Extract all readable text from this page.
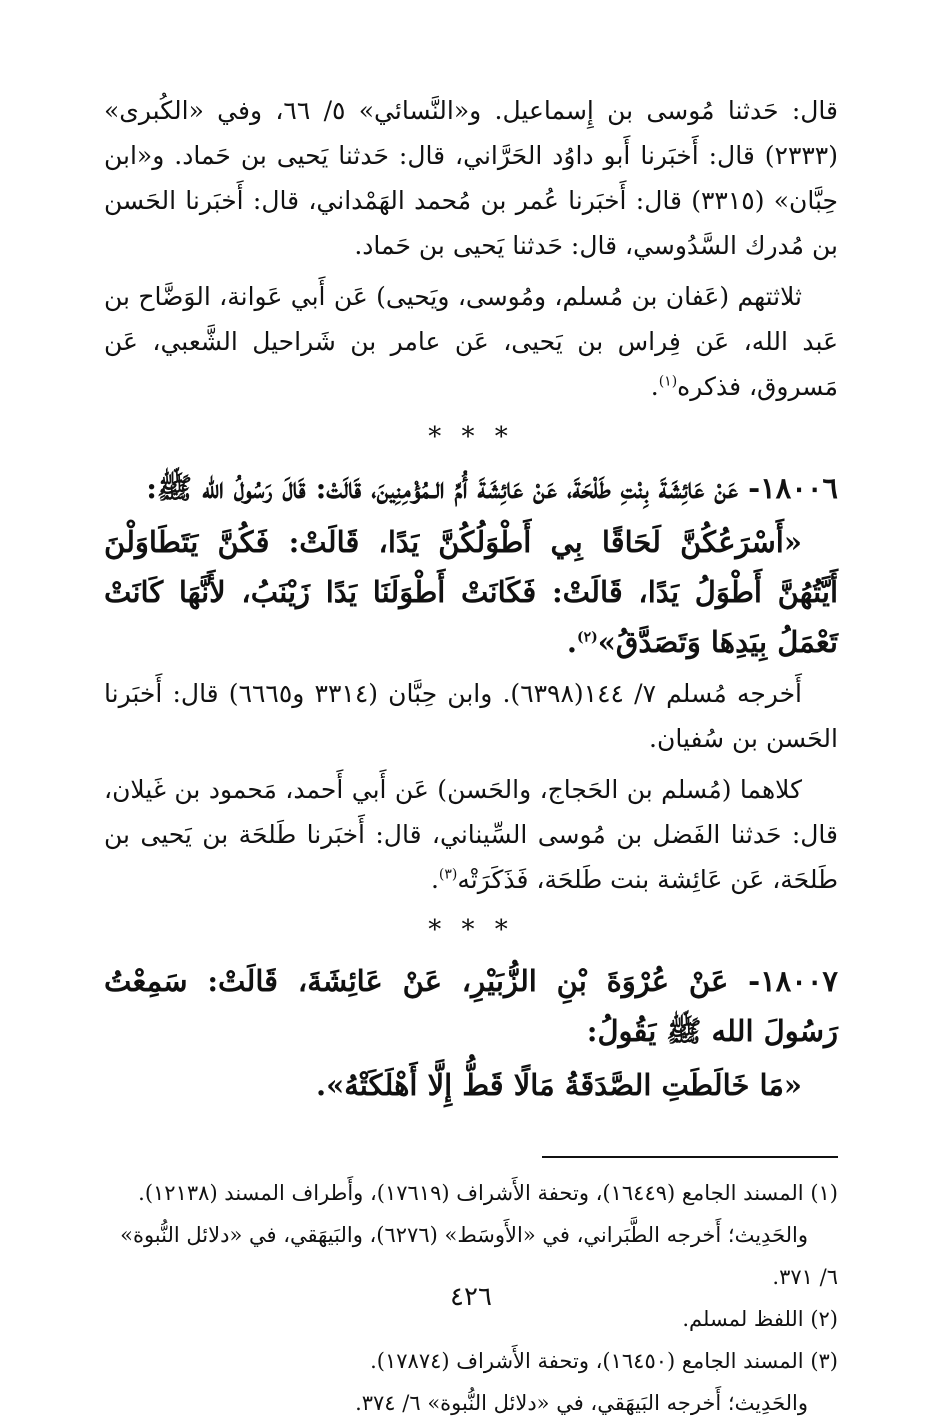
قال: حَدثنا مُوسى بن إِسماعيل. و«النَّسائي» ٥/ ٦٦، وفي «الكُبرى» (٢٣٣٣) قال: أَخبَرنا أَبو داوُد الحَرَّاني، قال: حَدثنا يَحيى بن حَماد. و«ابن حِبَّان» (٣٣١٥) قال: أَخبَرنا عُمر بن مُحمد الهَمْداني، قال: أَخبَرنا الحَسن بن مُدرك السَّدُوسي، قال: حَدثنا يَحيى بن حَماد.

ثلاثتهم (عَفان بن مُسلم، ومُوسى، ويَحيى) عَن أَبي عَوانة، الوَضَّاح بن عَبد الله، عَن فِراس بن يَحيى، عَن عامر بن شَراحيل الشَّعبي، عَن مَسروق، فذكره$^{(١)}$.

* * *

١٨٠٠٦- عَنْ عَائِشَةَ بِنْتِ طَلْحَةَ، عَنْ عَائِشَةَ أُمِّ الـمُؤْمِنِينَ، قَالَتْ: قَالَ رَسُولُ الله ﷺ:

«أَسْرَعُكُنَّ لَحَاقًا بِي أَطْوَلُكُنَّ يَدًا، قَالَتْ: فَكُنَّ يَتَطَاوَلْنَ أَيَّتُهُنَّ أَطْوَلُ يَدًا، قَالَتْ: فَكَانَتْ أَطْوَلَنَا يَدًا زَيْنَبُ، لأَنَّهَا كَانَتْ تَعْمَلُ بِيَدِهَا وَتَصَدَّقُ»$^{(٢)}$.

أَخرجه مُسلم ٧/ ١٤٤(٦٣٩٨). وابن حِبَّان (٣٣١٤ و٦٦٦٥) قال: أَخبَرنا الحَسن بن سُفيان.

كلاهما (مُسلم بن الحَجاج، والحَسن) عَن أَبي أَحمد، مَحمود بن غَيلان، قال: حَدثنا الفَضل بن مُوسى السِّيناني، قال: أَخبَرنا طَلحَة بن يَحيى بن طَلحَة، عَن عَائِشة بنت طَلحَة، فَذَكَرَتْه$^{(٣)}$.

* * *

١٨٠٠٧- عَنْ عُرْوَةَ بْنِ الزُّبَيْرِ، عَنْ عَائِشَةَ، قَالَتْ: سَمِعْتُ رَسُولَ الله ﷺ يَقُولُ:

«مَا خَالَطَتِ الصَّدَقَةُ مَالًا قَطُّ إِلَّا أَهْلَكَتْهُ».

(١) المسند الجامع (١٦٤٤٩)، وتحفة الأَشراف (١٧٦١٩)، وأَطراف المسند (١٢١٣٨).

والحَدِيث؛ أَخرجه الطَّبَراني، في «الأَوسَط» (٦٢٧٦)، والبَيهَقي، في «دلائل النُّبوة» ٦/ ٣٧١.

(٢) اللفظ لمسلم.

(٣) المسند الجامع (١٦٤٥٠)، وتحفة الأَشراف (١٧٨٧٤).

والحَدِيث؛ أَخرجه البَيهَقي، في «دلائل النُّبوة» ٦/ ٣٧٤.

٤٢٦
